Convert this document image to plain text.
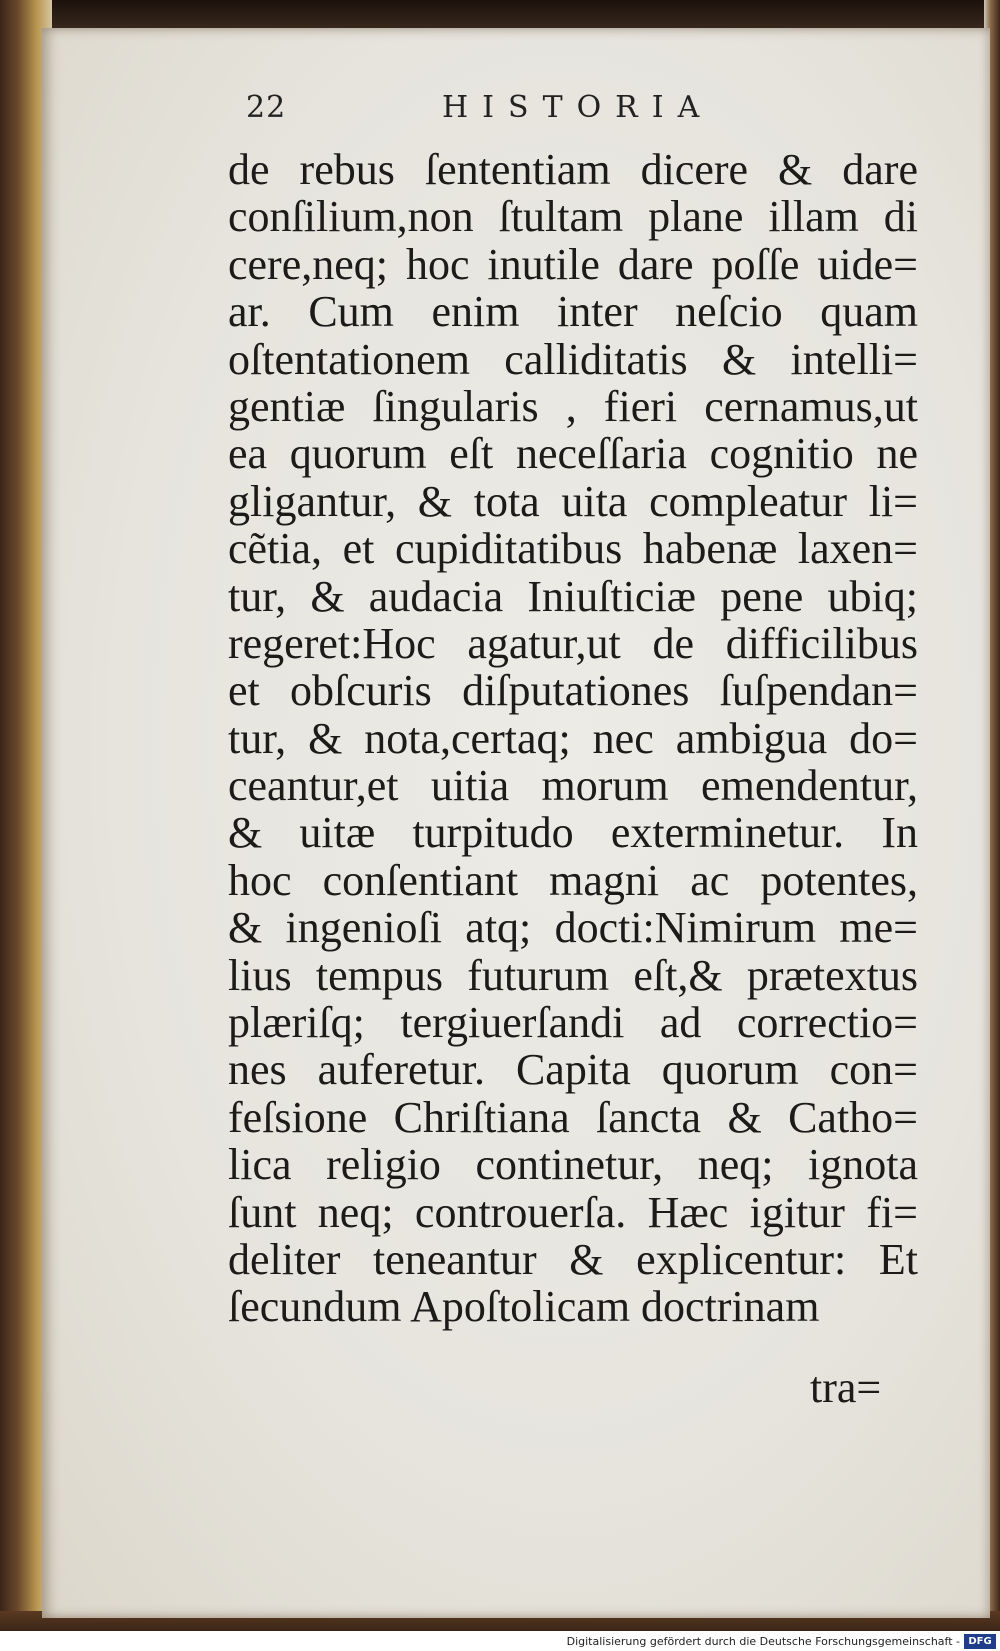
22	HISTORIA
de rebus ſententiam dicere & dare
conſilium,non ſtultam plane illam di
cere,neq; hoc inutile dare poſſe uide=
ar. Cum enim inter neſcio quam
oſtentationem calliditatis & intelli=
gentiæ ſingularis , fieri cernamus,ut
ea quorum eſt neceſſaria cognitio ne
gligantur, & tota uita compleatur li=
cẽtia, et cupiditatibus habenæ laxen=
tur, & audacia Iniuſticiæ pene ubiq;
regeret:Hoc agatur,ut de difficilibus
et obſcuris diſputationes ſuſpendan=
tur, & nota,certaq; nec ambigua do=
ceantur,et uitia morum emendentur,
& uitæ turpitudo exterminetur. In
hoc conſentiant magni ac potentes,
& ingenioſi atq; docti:Nimirum me=
lius tempus futurum eſt,& prætextus
plæriſq; tergiuerſandi ad correctio=
nes auferetur. Capita quorum con=
feſsione Chriſtiana ſancta & Catho=
lica religio continetur, neq; ignota
ſunt neq; controuerſa. Hæc igitur fi=
deliter teneantur & explicentur: Et
ſecundum Apoſtolicam doctrinam
tra=
Digitalisierung gefördert durch die Deutsche Forschungsgemeinschaft - DFG
